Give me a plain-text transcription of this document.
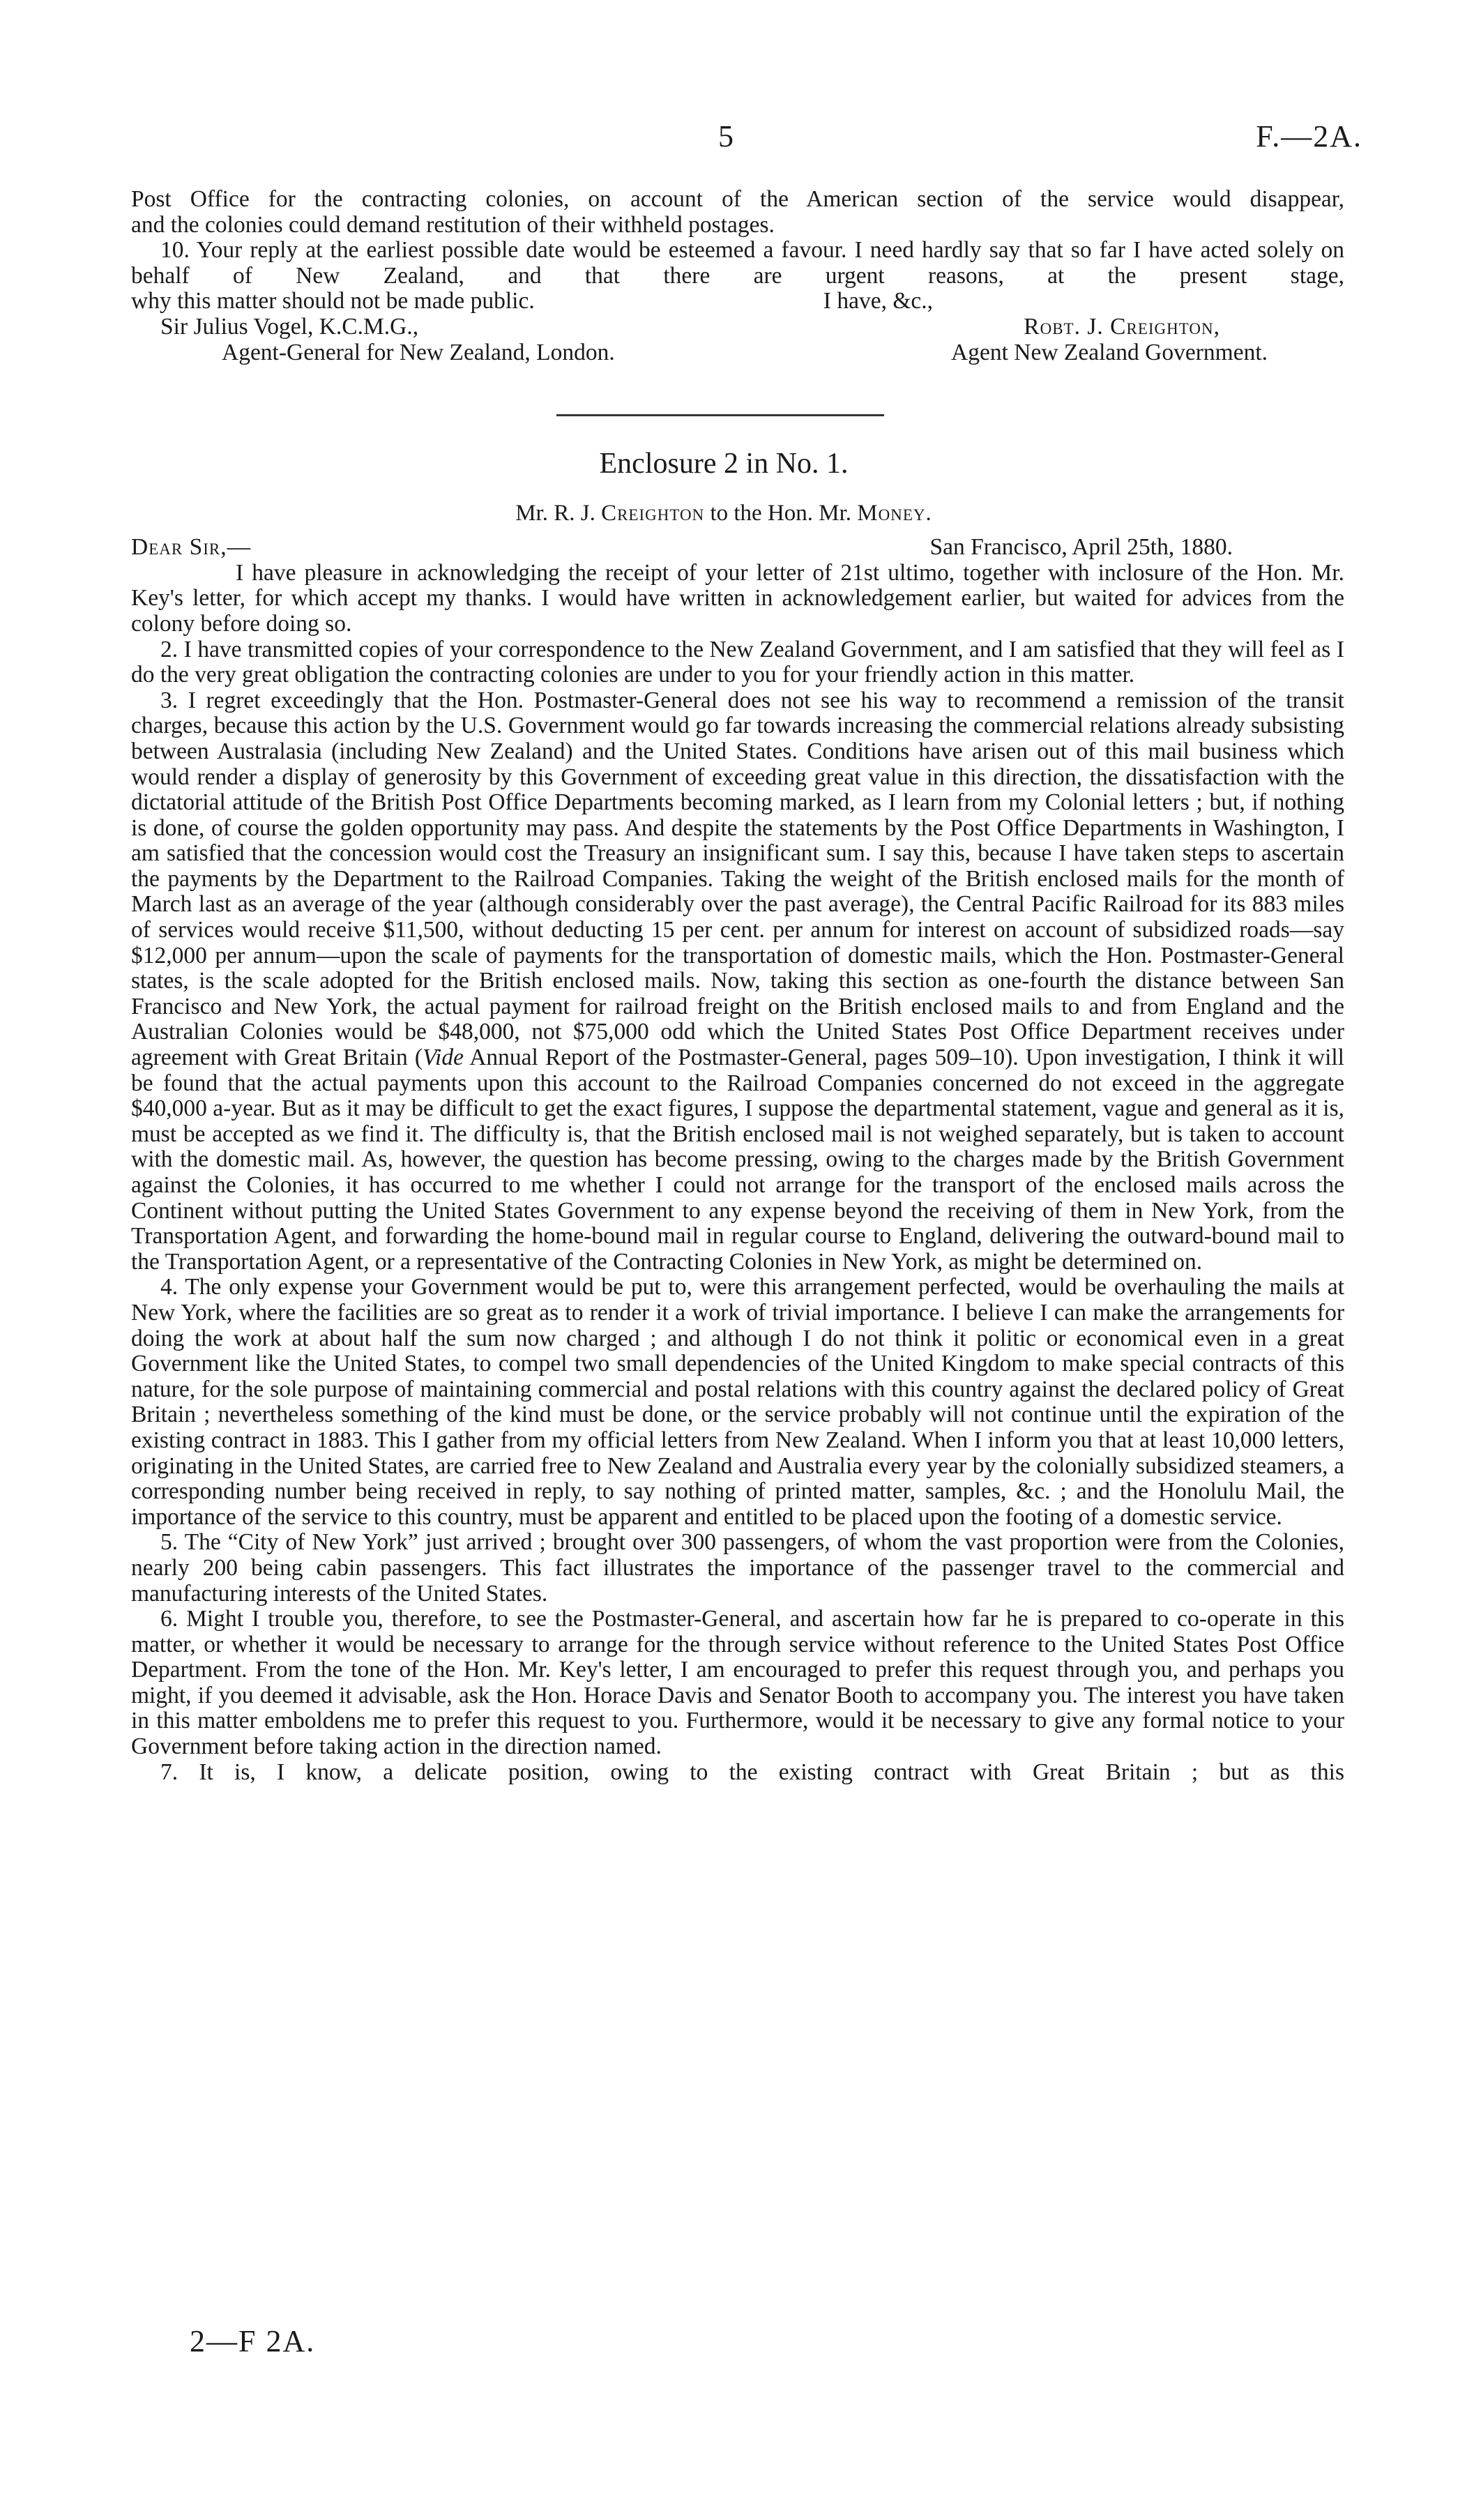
5	F.—2A.

Post Office for the contracting colonies, on account of the American section of the service would disappear,

and the colonies could demand restitution of their withheld postages.

10. Your reply at the earliest possible date would be esteemed a favour. I need hardly say that so far I have acted solely on behalf of New Zealand, and that there are urgent reasons, at the present stage,

why this matter should not be made public.	I have, &c.,
Sir Julius Vogel, K.C.M.G.,	Robt. J. Creighton,
Agent-General for New Zealand, London.	Agent New Zealand Government.
Enclosure 2 in No. 1.
Mr. R. J. Creighton to the Hon. Mr. Money.
Dear Sir,—	San Francisco, April 25th, 1880.

I have pleasure in acknowledging the receipt of your letter of 21st ultimo, together with inclosure of the Hon. Mr. Key's letter, for which accept my thanks. I would have written in acknowledgement earlier, but waited for advices from the colony before doing so.

2. I have transmitted copies of your correspondence to the New Zealand Government, and I am satisfied that they will feel as I do the very great obligation the contracting colonies are under to you for your friendly action in this matter.

3. I regret exceedingly that the Hon. Postmaster-General does not see his way to recommend a remission of the transit charges, because this action by the U.S. Government would go far towards increasing the commercial relations already subsisting between Australasia (including New Zealand) and the United States. Conditions have arisen out of this mail business which would render a display of generosity by this Government of exceeding great value in this direction, the dissatisfaction with the dictatorial attitude of the British Post Office Departments becoming marked, as I learn from my Colonial letters ; but, if nothing is done, of course the golden opportunity may pass. And despite the statements by the Post Office Departments in Washington, I am satisfied that the concession would cost the Treasury an insignificant sum. I say this, because I have taken steps to ascertain the payments by the Department to the Railroad Companies. Taking the weight of the British enclosed mails for the month of March last as an average of the year (although considerably over the past average), the Central Pacific Railroad for its 883 miles of services would receive $11,500, without deducting 15 per cent. per annum for interest on account of subsidized roads—say $12,000 per annum—upon the scale of payments for the transportation of domestic mails, which the Hon. Postmaster-General states, is the scale adopted for the British enclosed mails. Now, taking this section as one-fourth the distance between San Francisco and New York, the actual payment for railroad freight on the British enclosed mails to and from England and the Australian Colonies would be $48,000, not $75,000 odd which the United States Post Office Department receives under agreement with Great Britain (Vide Annual Report of the Postmaster-General, pages 509–10). Upon investigation, I think it will be found that the actual payments upon this account to the Railroad Companies concerned do not exceed in the aggregate $40,000 a-year. But as it may be difficult to get the exact figures, I suppose the departmental statement, vague and general as it is, must be accepted as we find it. The difficulty is, that the British enclosed mail is not weighed separately, but is taken to account with the domestic mail. As, however, the question has become pressing, owing to the charges made by the British Government against the Colonies, it has occurred to me whether I could not arrange for the transport of the enclosed mails across the Continent without putting the United States Government to any expense beyond the receiving of them in New York, from the Transportation Agent, and forwarding the home-bound mail in regular course to England, delivering the outward-bound mail to the Transportation Agent, or a representative of the Contracting Colonies in New York, as might be determined on.

4. The only expense your Government would be put to, were this arrangement perfected, would be overhauling the mails at New York, where the facilities are so great as to render it a work of trivial importance. I believe I can make the arrangements for doing the work at about half the sum now charged ; and although I do not think it politic or economical even in a great Government like the United States, to compel two small dependencies of the United Kingdom to make special contracts of this nature, for the sole purpose of maintaining commercial and postal relations with this country against the declared policy of Great Britain ; nevertheless something of the kind must be done, or the service probably will not continue until the expiration of the existing contract in 1883. This I gather from my official letters from New Zealand. When I inform you that at least 10,000 letters, originating in the United States, are carried free to New Zealand and Australia every year by the colonially subsidized steamers, a corresponding number being received in reply, to say nothing of printed matter, samples, &c. ; and the Honolulu Mail, the importance of the service to this country, must be apparent and entitled to be placed upon the footing of a domestic service.

5. The “City of New York” just arrived ; brought over 300 passengers, of whom the vast proportion were from the Colonies, nearly 200 being cabin passengers. This fact illustrates the importance of the passenger travel to the commercial and manufacturing interests of the United States.

6. Might I trouble you, therefore, to see the Postmaster-General, and ascertain how far he is prepared to co-operate in this matter, or whether it would be necessary to arrange for the through service without reference to the United States Post Office Department. From the tone of the Hon. Mr. Key's letter, I am encouraged to prefer this request through you, and perhaps you might, if you deemed it advisable, ask the Hon. Horace Davis and Senator Booth to accompany you. The interest you have taken in this matter emboldens me to prefer this request to you. Furthermore, would it be necessary to give any formal notice to your Government before taking action in the direction named.

7. It is, I know, a delicate position, owing to the existing contract with Great Britain ; but as this

2—F 2A.
